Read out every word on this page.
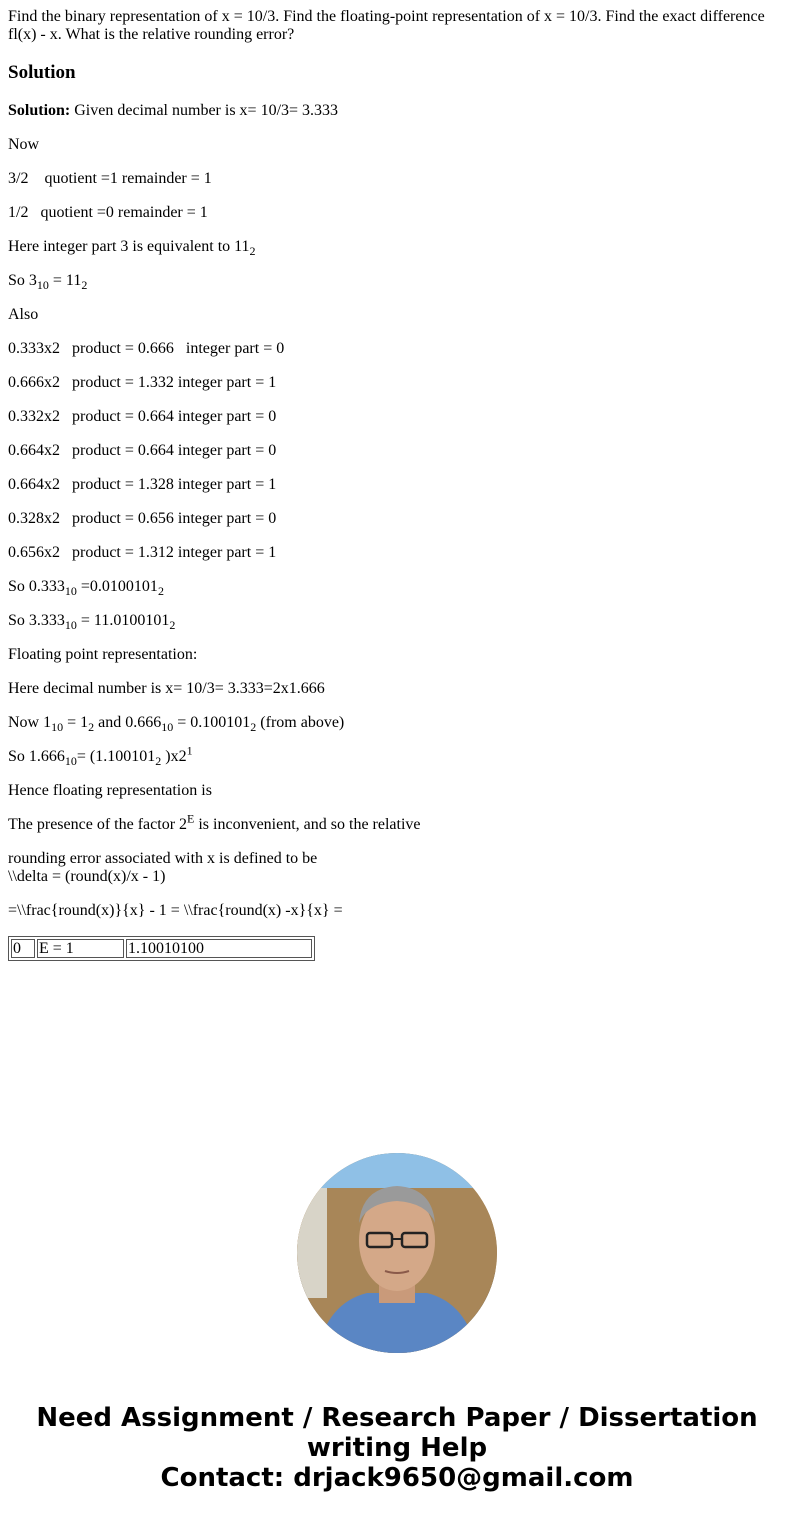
Find the binary representation of x = 10/3. Find the floating-point representation of x = 10/3. Find the exact difference fl(x) - x. What is the relative rounding error?

Solution

Solution: Given decimal number is x= 10/3= 3.333

Now

3/2    quotient =1 remainder = 1

1/2   quotient =0 remainder = 1

Here integer part 3 is equivalent to $11_2$

So $3_{10} = 11_2$

Also

0.333x2   product = 0.666   integer part = 0

0.666x2   product = 1.332 integer part = 1

0.332x2   product = 0.664 integer part = 0

0.664x2   product = 0.664 integer part = 0

0.664x2   product = 1.328 integer part = 1

0.328x2   product = 0.656 integer part = 0

0.656x2   product = 1.312 integer part = 1

So $0.333_{10} =0.0100101_2$

So $3.333_{10} = 11.0100101_2$

Floating point representation:

Here decimal number is x= 10/3= 3.333=2x1.666

Now $1_{10} = 1_2$ and $0.666_{10} = 0.100101_2$ (from above)

So $1.666_{10}= (1.100101_2$ )$x2^1$

Hence floating representation is

The presence of the factor $2^E$ is inconvenient, and so the relative

rounding error associated with x is defined to be
\\delta = (round(x)/x - 1)

=\\frac{round(x)}{x} - 1 = \\frac{round(x) -x}{x} =

0	E = 1	1.10010100
Need Assignment / Research Paper / Dissertation
writing Help
Contact: drjack9650@gmail.com
